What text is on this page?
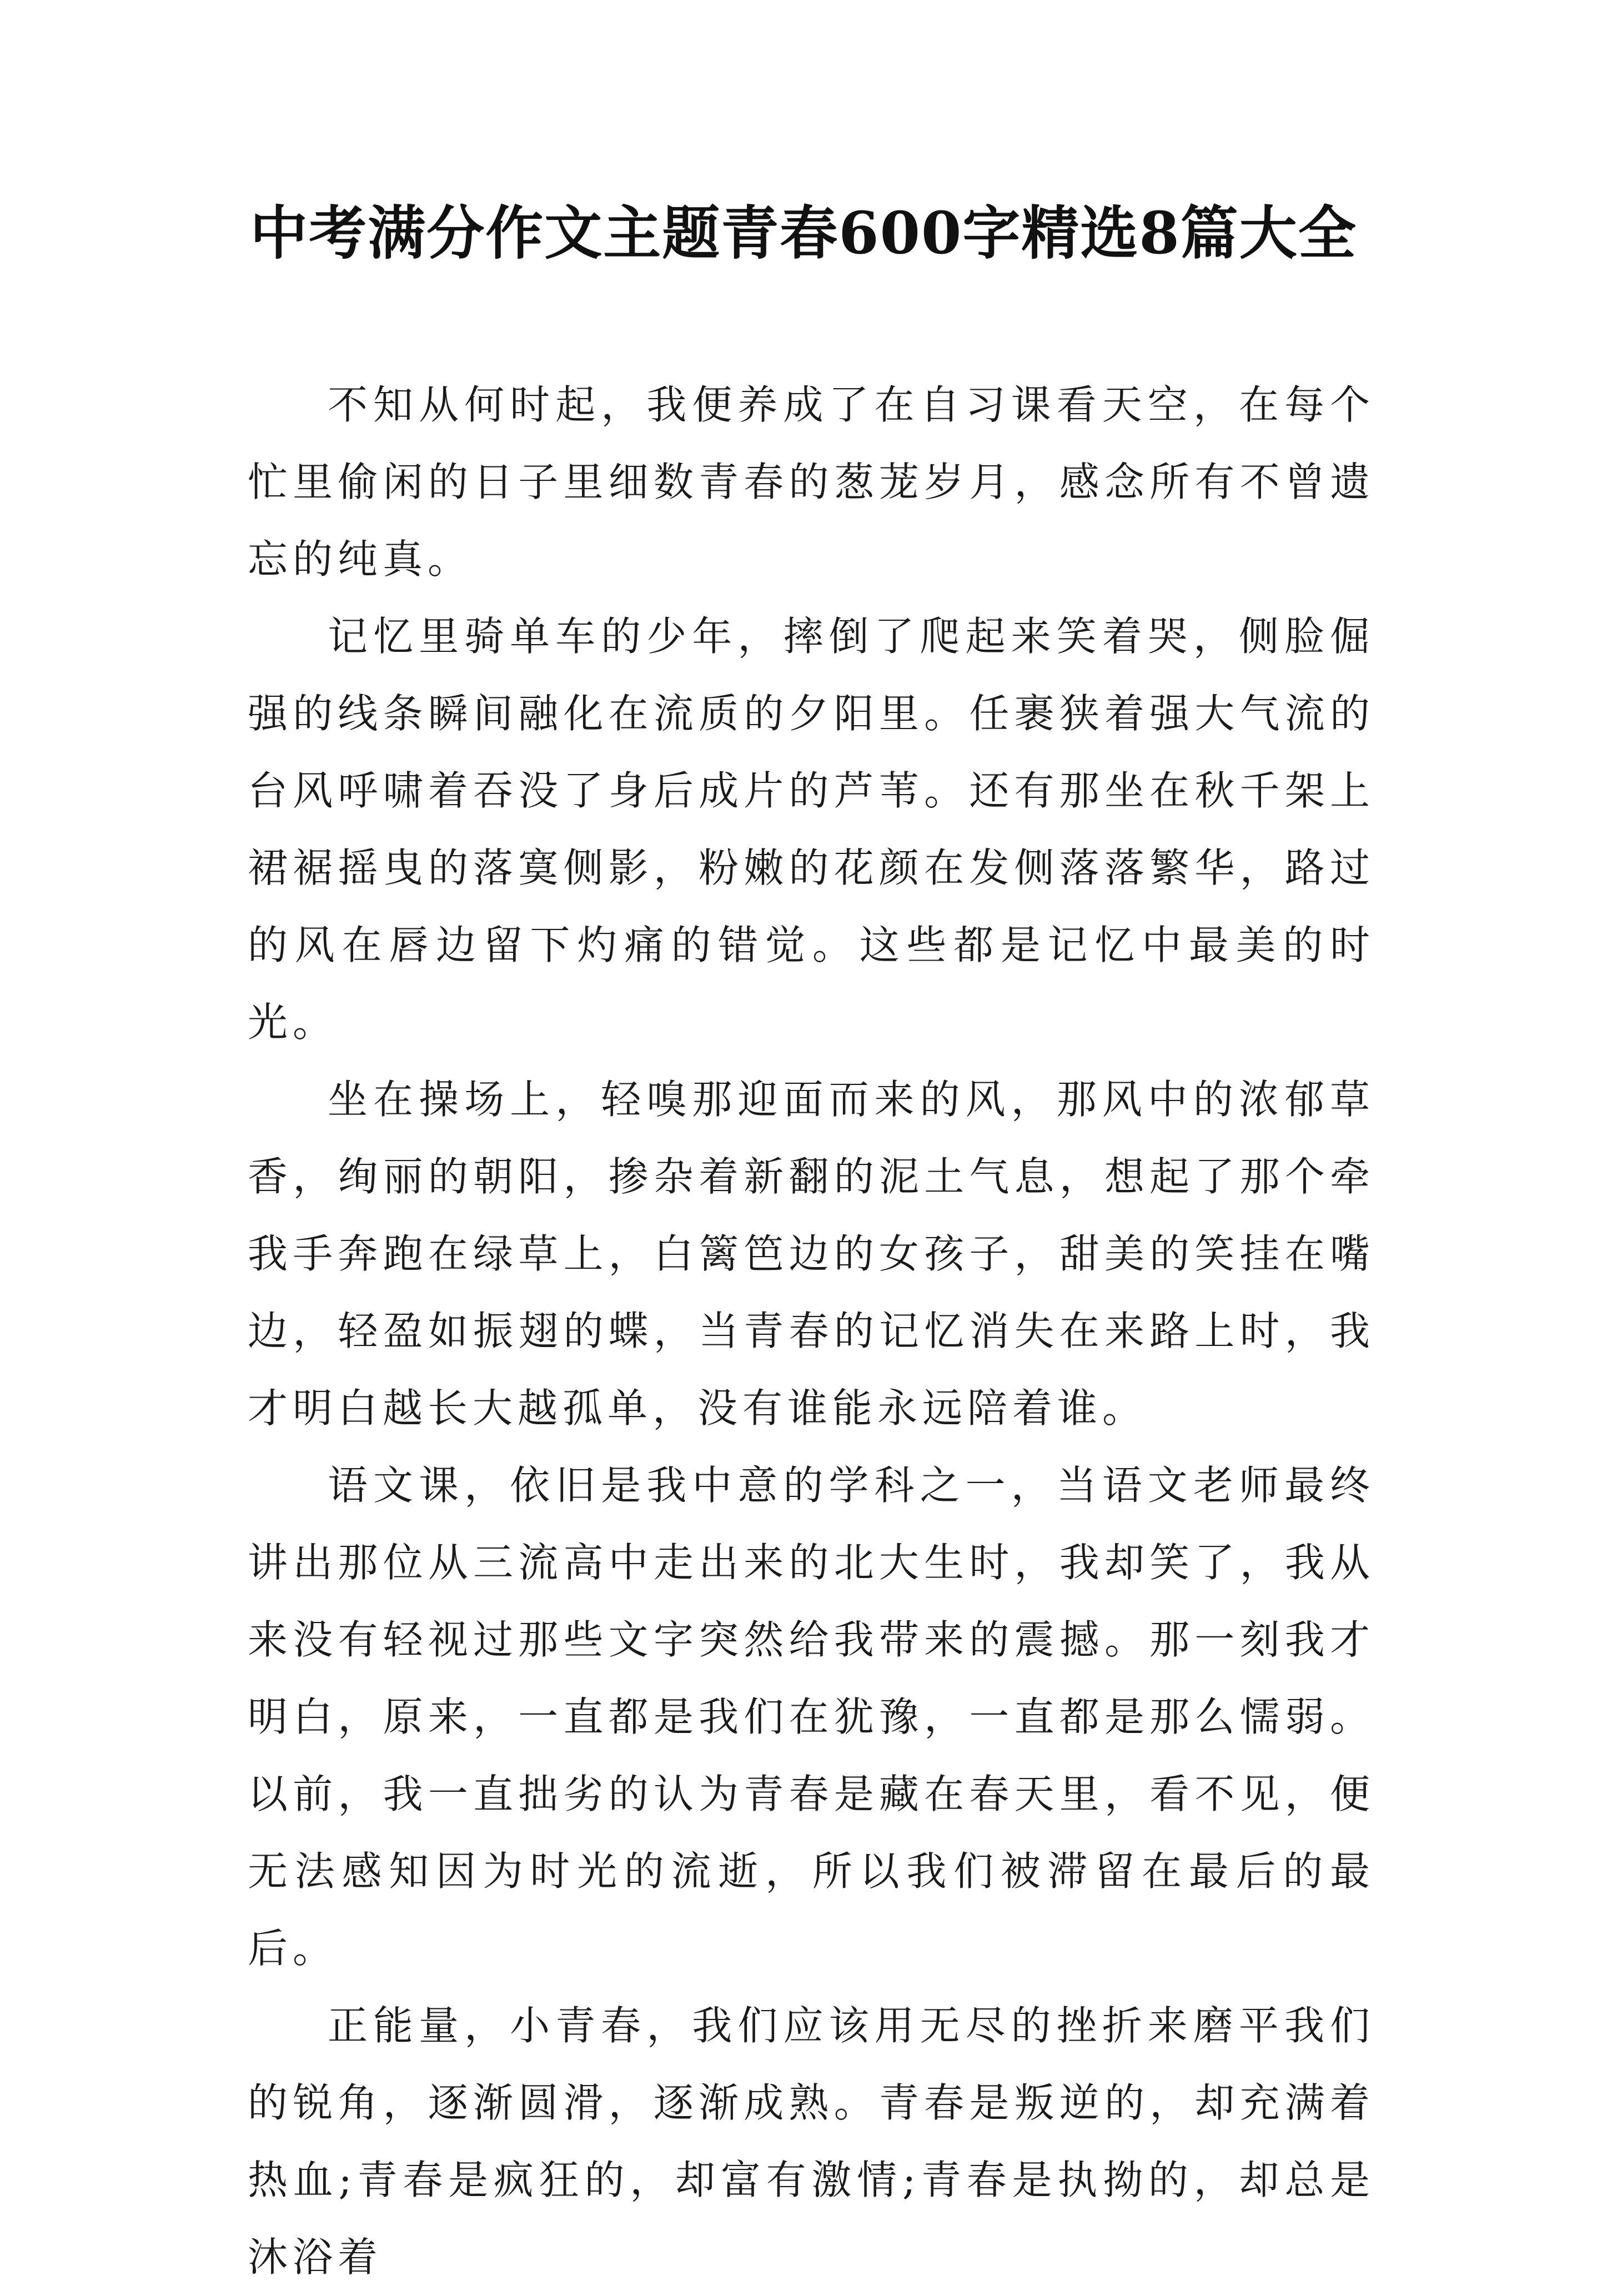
中考满分作文主题青春600字精选8篇大全

不知从何时起，我便养成了在自习课看天空，在每个忙里偷闲的日子里细数青春的葱茏岁月，感念所有不曾遗忘的纯真。

记忆里骑单车的少年，摔倒了爬起来笑着哭，侧脸倔强的线条瞬间融化在流质的夕阳里。任裹狭着强大气流的台风呼啸着吞没了身后成片的芦苇。还有那坐在秋千架上裙裾摇曳的落寞侧影，粉嫩的花颜在发侧落落繁华，路过的风在唇边留下灼痛的错觉。这些都是记忆中最美的时光。

坐在操场上，轻嗅那迎面而来的风，那风中的浓郁草香，绚丽的朝阳，掺杂着新翻的泥土气息，想起了那个牵我手奔跑在绿草上，白篱笆边的女孩子，甜美的笑挂在嘴边，轻盈如振翅的蝶，当青春的记忆消失在来路上时，我才明白越长大越孤单，没有谁能永远陪着谁。

语文课，依旧是我中意的学科之一，当语文老师最终讲出那位从三流高中走出来的北大生时，我却笑了，我从来没有轻视过那些文字突然给我带来的震撼。那一刻我才明白，原来，一直都是我们在犹豫，一直都是那么懦弱。以前，我一直拙劣的认为青春是藏在春天里，看不见，便无法感知因为时光的流逝，所以我们被滞留在最后的最后。

正能量，小青春，我们应该用无尽的挫折来磨平我们的锐角，逐渐圆滑，逐渐成熟。青春是叛逆的，却充满着热血;青春是疯狂的，却富有激情;青春是执拗的，却总是沐浴着
